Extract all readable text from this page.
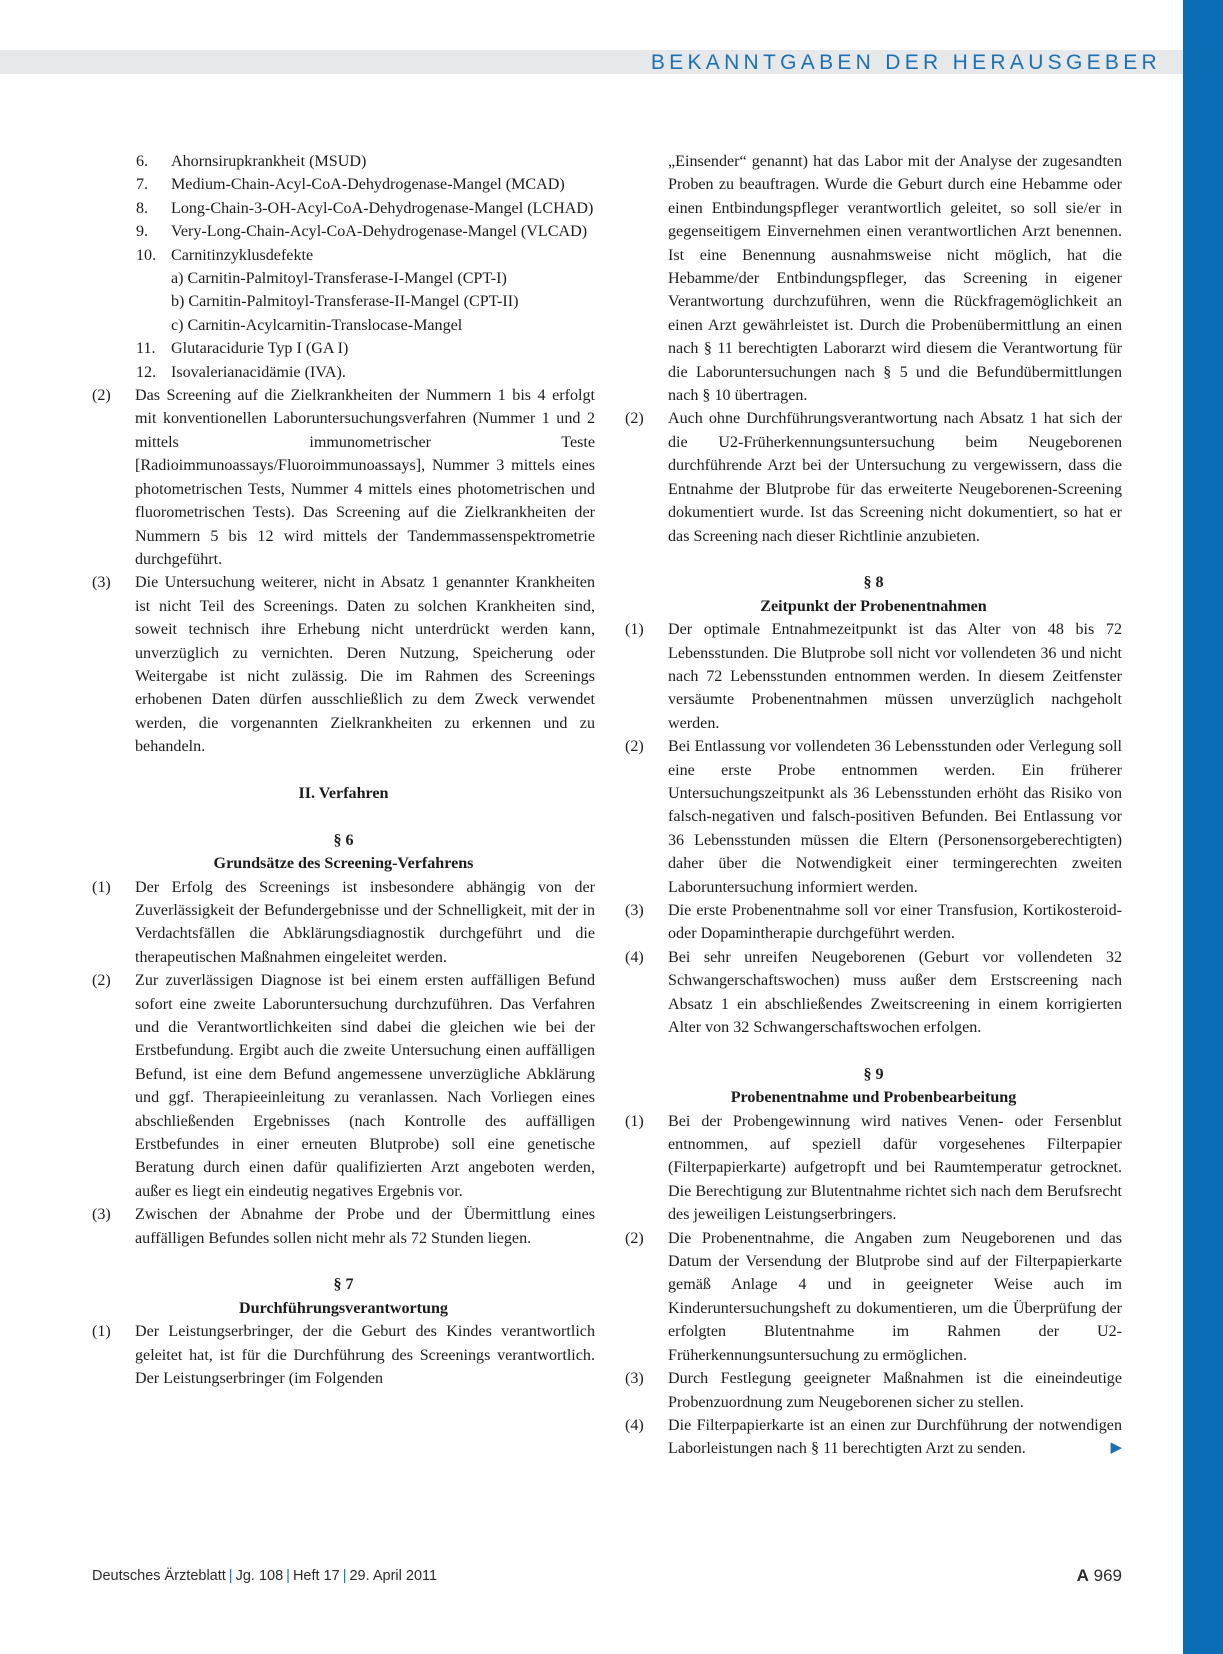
BEKANNTGABEN DER HERAUSGEBER
6. Ahornsirupkrankheit (MSUD)
7. Medium-Chain-Acyl-CoA-Dehydrogenase-Mangel (MCAD)
8. Long-Chain-3-OH-Acyl-CoA-Dehydrogenase-Mangel (LCHAD)
9. Very-Long-Chain-Acyl-CoA-Dehydrogenase-Mangel (VLCAD)
10. Carnitinzyklusdefekte
a) Carnitin-Palmitoyl-Transferase-I-Mangel (CPT-I)
b) Carnitin-Palmitoyl-Transferase-II-Mangel (CPT-II)
c) Carnitin-Acylcarnitin-Translocase-Mangel
11. Glutaracidurie Typ I (GA I)
12. Isovalerianacidämie (IVA).
(2) Das Screening auf die Zielkrankheiten der Nummern 1 bis 4 erfolgt mit konventionellen Laboruntersuchungsverfahren (Nummer 1 und 2 mittels immunometrischer Teste [Radioimmunoassays/Fluoroimmunoassays], Nummer 3 mittels eines photometrischen Tests, Nummer 4 mittels eines photometrischen und fluorometrischen Tests). Das Screening auf die Zielkrankheiten der Nummern 5 bis 12 wird mittels der Tandemmassenspektrometrie durchgeführt.
(3) Die Untersuchung weiterer, nicht in Absatz 1 genannter Krankheiten ist nicht Teil des Screenings. Daten zu solchen Krankheiten sind, soweit technisch ihre Erhebung nicht unterdrückt werden kann, unverzüglich zu vernichten. Deren Nutzung, Speicherung oder Weitergabe ist nicht zulässig. Die im Rahmen des Screenings erhobenen Daten dürfen ausschließlich zu dem Zweck verwendet werden, die vorgenannten Zielkrankheiten zu erkennen und zu behandeln.
II. Verfahren
§ 6
Grundsätze des Screening-Verfahrens
(1) Der Erfolg des Screenings ist insbesondere abhängig von der Zuverlässigkeit der Befundergebnisse und der Schnelligkeit, mit der in Verdachtsfällen die Abklärungsdiagnostik durchgeführt und die therapeutischen Maßnahmen eingeleitet werden.
(2) Zur zuverlässigen Diagnose ist bei einem ersten auffälligen Befund sofort eine zweite Laboruntersuchung durchzuführen. Das Verfahren und die Verantwortlichkeiten sind dabei die gleichen wie bei der Erstbefundung. Ergibt auch die zweite Untersuchung einen auffälligen Befund, ist eine dem Befund angemessene unverzügliche Abklärung und ggf. Therapieeinleitung zu veranlassen. Nach Vorliegen eines abschließenden Ergebnisses (nach Kontrolle des auffälligen Erstbefundes in einer erneuten Blutprobe) soll eine genetische Beratung durch einen dafür qualifizierten Arzt angeboten werden, außer es liegt ein eindeutig negatives Ergebnis vor.
(3) Zwischen der Abnahme der Probe und der Übermittlung eines auffälligen Befundes sollen nicht mehr als 72 Stunden liegen.
§ 7
Durchführungsverantwortung
(1) Der Leistungserbringer, der die Geburt des Kindes verantwortlich geleitet hat, ist für die Durchführung des Screenings verantwortlich. Der Leistungserbringer (im Folgenden
„Einsender“ genannt) hat das Labor mit der Analyse der zugesandten Proben zu beauftragen. Wurde die Geburt durch eine Hebamme oder einen Entbindungspfleger verantwortlich geleitet, so soll sie/er in gegenseitigem Einvernehmen einen verantwortlichen Arzt benennen. Ist eine Benennung ausnahmsweise nicht möglich, hat die Hebamme/der Entbindungspfleger, das Screening in eigener Verantwortung durchzuführen, wenn die Rückfragemöglichkeit an einen Arzt gewährleistet ist. Durch die Probenübermittlung an einen nach § 11 berechtigten Laborarzt wird diesem die Verantwortung für die Laboruntersuchungen nach § 5 und die Befundübermittlungen nach § 10 übertragen.
(2) Auch ohne Durchführungsverantwortung nach Absatz 1 hat sich der die U2-Früherkennungsuntersuchung beim Neugeborenen durchführende Arzt bei der Untersuchung zu vergewissern, dass die Entnahme der Blutprobe für das erweiterte Neugeborenen-Screening dokumentiert wurde. Ist das Screening nicht dokumentiert, so hat er das Screening nach dieser Richtlinie anzubieten.
§ 8
Zeitpunkt der Probenentnahmen
(1) Der optimale Entnahmezeitpunkt ist das Alter von 48 bis 72 Lebensstunden. Die Blutprobe soll nicht vor vollendeten 36 und nicht nach 72 Lebensstunden entnommen werden. In diesem Zeitfenster versäumte Probenentnahmen müssen unverzüglich nachgeholt werden.
(2) Bei Entlassung vor vollendeten 36 Lebensstunden oder Verlegung soll eine erste Probe entnommen werden. Ein früherer Untersuchungszeitpunkt als 36 Lebensstunden erhöht das Risiko von falsch-negativen und falsch-positiven Befunden. Bei Entlassung vor 36 Lebensstunden müssen die Eltern (Personensorgeberechtigten) daher über die Notwendigkeit einer termingerechten zweiten Laboruntersuchung informiert werden.
(3) Die erste Probenentnahme soll vor einer Transfusion, Kortikosteroid- oder Dopamintherapie durchgeführt werden.
(4) Bei sehr unreifen Neugeborenen (Geburt vor vollendeten 32 Schwangerschaftswochen) muss außer dem Erstscreening nach Absatz 1 ein abschließendes Zweitscreening in einem korrigierten Alter von 32 Schwangerschaftswochen erfolgen.
§ 9
Probenentnahme und Probenbearbeitung
(1) Bei der Probengewinnung wird natives Venen- oder Fersenblut entnommen, auf speziell dafür vorgesehenes Filterpapier (Filterpapierkarte) aufgetropft und bei Raumtemperatur getrocknet. Die Berechtigung zur Blutentnahme richtet sich nach dem Berufsrecht des jeweiligen Leistungserbringers.
(2) Die Probenentnahme, die Angaben zum Neugeborenen und das Datum der Versendung der Blutprobe sind auf der Filterpapierkarte gemäß Anlage 4 und in geeigneter Weise auch im Kinderuntersuchungsheft zu dokumentieren, um die Überprüfung der erfolgten Blutentnahme im Rahmen der U2-Früherkennungsuntersuchung zu ermöglichen.
(3) Durch Festlegung geeigneter Maßnahmen ist die eineindeutige Probenzuordnung zum Neugeborenen sicher zu stellen.
(4) Die Filterpapierkarte ist an einen zur Durchführung der notwendigen Laborleistungen nach § 11 berechtigten Arzt zu senden.	▶
Deutsches Ärzteblatt | Jg. 108 | Heft 17 | 29. April 2011	A 969
